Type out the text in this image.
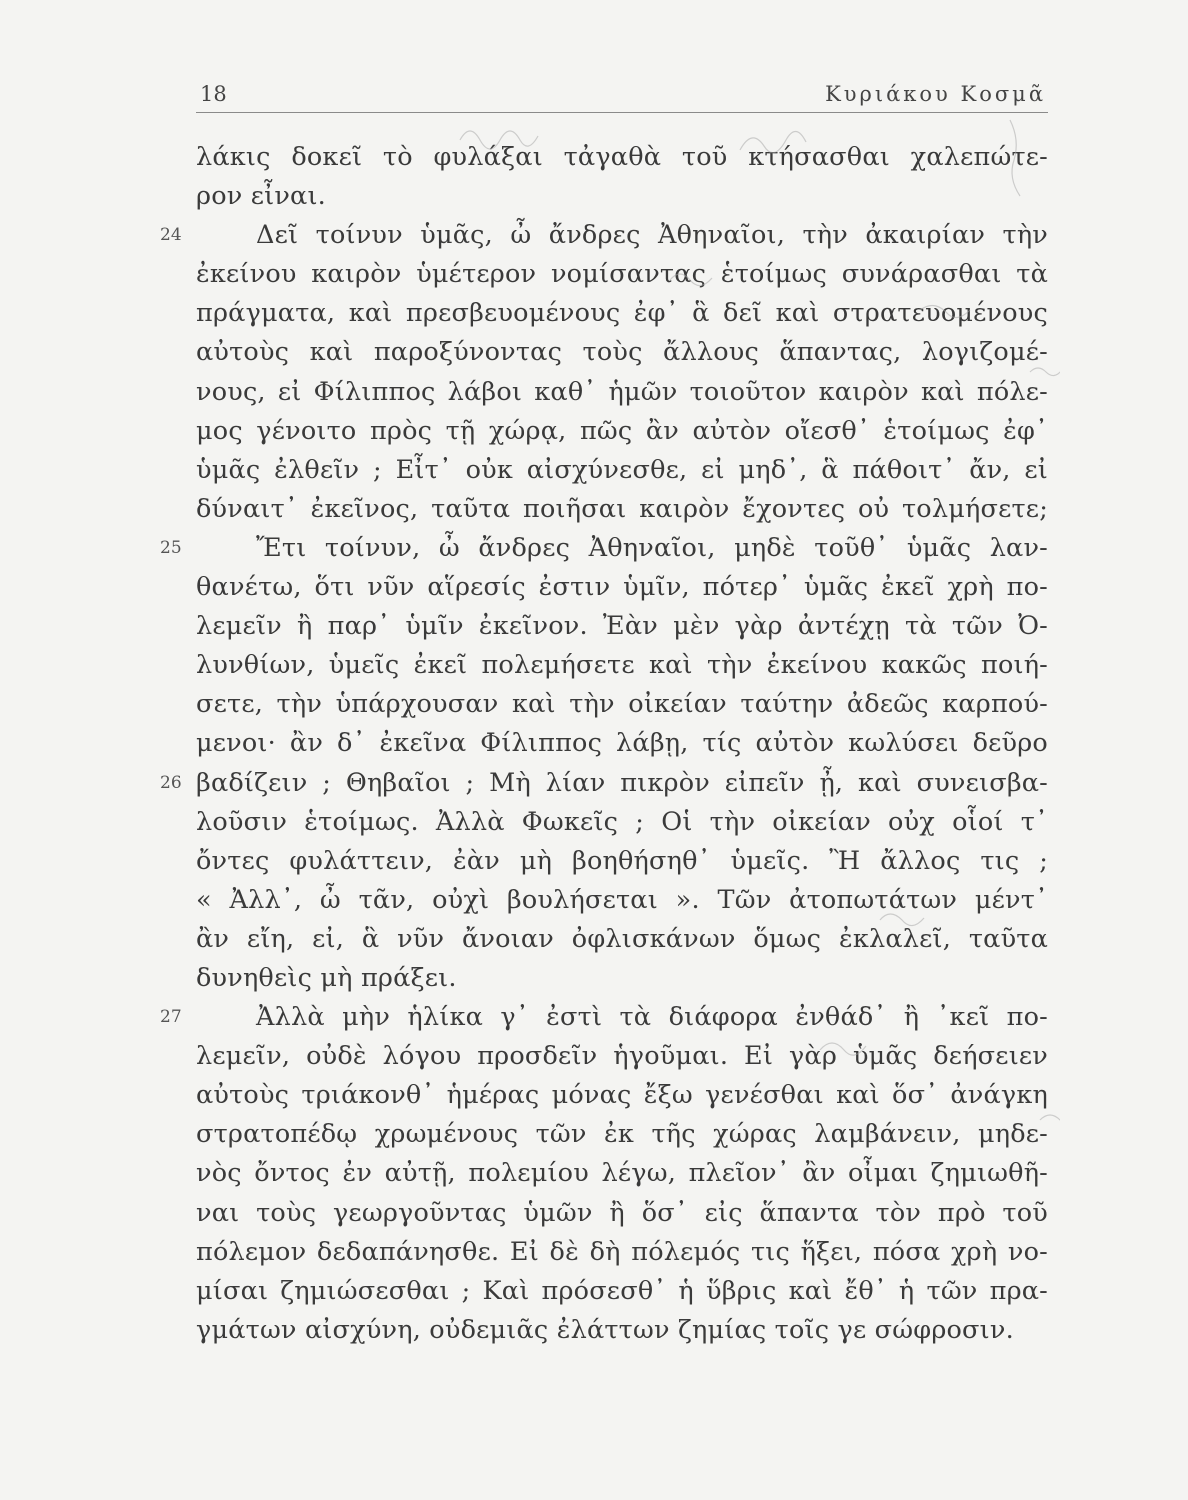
18	Κυριάκου Κοσμᾶ
λάκις δοκεῖ τὸ φυλάξαι τἀγαθὰ τοῦ κτήσασθαι χαλεπώτε-
ρον εἶναι.
24	Δεῖ τοίνυν ὑμᾶς, ὦ ἄνδρες Ἀθηναῖοι, τὴν ἀκαιρίαν τὴν
ἐκείνου καιρὸν ὑμέτερον νομίσαντας ἑτοίμως συνάρασθαι τὰ
πράγματα, καὶ πρεσβευομένους ἐφ᾽ ἃ δεῖ καὶ στρατευομένους
αὐτοὺς καὶ παροξύνοντας τοὺς ἄλλους ἅπαντας, λογιζομέ-
νους, εἰ Φίλιππος λάβοι καθ᾽ ἡμῶν τοιοῦτον καιρὸν καὶ πόλε-
μος γένοιτο πρὸς τῇ χώρᾳ, πῶς ἂν αὐτὸν οἴεσθ᾽ ἑτοίμως ἐφ᾽
ὑμᾶς ἐλθεῖν ; Εἶτ᾽ οὐκ αἰσχύνεσθε, εἰ μηδ᾽, ἃ πάθοιτ᾽ ἄν, εἰ
δύναιτ᾽ ἐκεῖνος, ταῦτα ποιῆσαι καιρὸν ἔχοντες οὐ τολμήσετε;
25	Ἔτι τοίνυν, ὦ ἄνδρες Ἀθηναῖοι, μηδὲ τοῦθ᾽ ὑμᾶς λαν-
θανέτω, ὅτι νῦν αἵρεσίς ἐστιν ὑμῖν, πότερ᾽ ὑμᾶς ἐκεῖ χρὴ πο-
λεμεῖν ἢ παρ᾽ ὑμῖν ἐκεῖνον. Ἐὰν μὲν γὰρ ἀντέχῃ τὰ τῶν Ὀ-
λυνθίων, ὑμεῖς ἐκεῖ πολεμήσετε καὶ τὴν ἐκείνου κακῶς ποιή-
σετε, τὴν ὑπάρχουσαν καὶ τὴν οἰκείαν ταύτην ἀδεῶς καρπού-
μενοι· ἂν δ᾽ ἐκεῖνα Φίλιππος λάβῃ, τίς αὐτὸν κωλύσει δεῦρο
26 βαδίζειν ; Θηβαῖοι ; Μὴ λίαν πικρὸν εἰπεῖν ᾖ, καὶ συνεισβα-
λοῦσιν ἑτοίμως. Ἀλλὰ Φωκεῖς ; Οἱ τὴν οἰκείαν οὐχ οἷοί τ᾽
ὄντες φυλάττειν, ἐὰν μὴ βοηθήσηθ᾽ ὑμεῖς. Ἢ ἄλλος τις ;
« Ἀλλ᾽, ὦ τᾶν, οὐχὶ βουλήσεται ». Τῶν ἀτοπωτάτων μέντ᾽
ἂν εἴη, εἰ, ἃ νῦν ἄνοιαν ὀφλισκάνων ὅμως ἐκλαλεῖ, ταῦτα
δυνηθεὶς μὴ πράξει.
27	Ἀλλὰ μὴν ἡλίκα γ᾽ ἐστὶ τὰ διάφορα ἐνθάδ᾽ ἢ ᾽κεῖ πο-
λεμεῖν, οὐδὲ λόγου προσδεῖν ἡγοῦμαι. Εἰ γὰρ ὑμᾶς δεήσειεν
αὐτοὺς τριάκονθ᾽ ἡμέρας μόνας ἔξω γενέσθαι καὶ ὅσ᾽ ἀνάγκη
στρατοπέδῳ χρωμένους τῶν ἐκ τῆς χώρας λαμβάνειν, μηδε-
νὸς ὄντος ἐν αὐτῇ, πολεμίου λέγω, πλεῖον᾽ ἂν οἶμαι ζημιωθῆ-
ναι τοὺς γεωργοῦντας ὑμῶν ἢ ὅσ᾽ εἰς ἅπαντα τὸν πρὸ τοῦ
πόλεμον δεδαπάνησθε. Εἰ δὲ δὴ πόλεμός τις ἥξει, πόσα χρὴ νο-
μίσαι ζημιώσεσθαι ; Καὶ πρόσεσθ᾽ ἡ ὕβρις καὶ ἔθ᾽ ἡ τῶν πρα-
γμάτων αἰσχύνη, οὐδεμιᾶς ἐλάττων ζημίας τοῖς γε σώφροσιν.
